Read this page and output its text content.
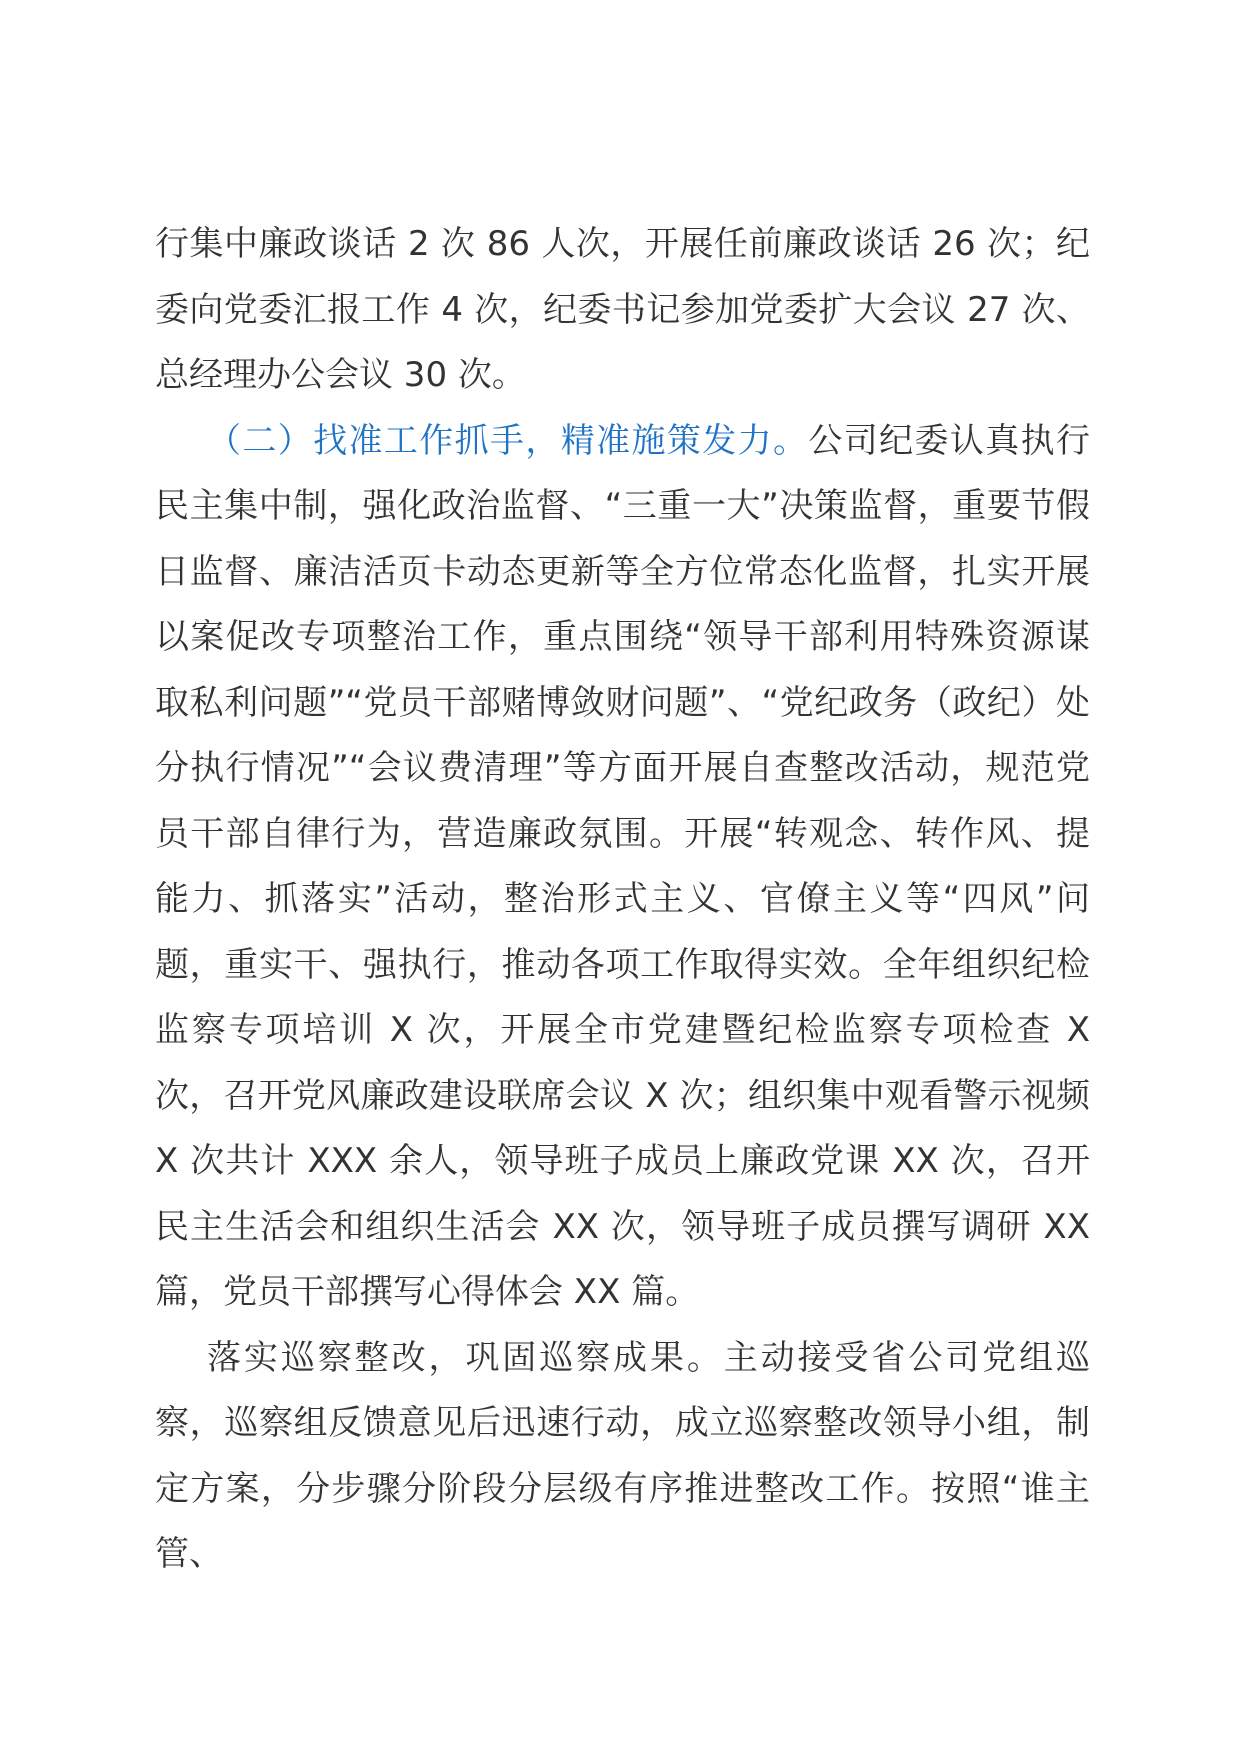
行集中廉政谈话 2 次 86 人次，开展任前廉政谈话 26 次；纪委向党委汇报工作 4 次，纪委书记参加党委扩大会议 27 次、总经理办公会议 30 次。

（二）找准工作抓手，精准施策发力。公司纪委认真执行民主集中制，强化政治监督、“三重一大”决策监督，重要节假日监督、廉洁活页卡动态更新等全方位常态化监督，扎实开展以案促改专项整治工作，重点围绕“领导干部利用特殊资源谋取私利问题”“党员干部赌博敛财问题”、“党纪政务（政纪）处分执行情况”“会议费清理”等方面开展自查整改活动，规范党员干部自律行为，营造廉政氛围。开展“转观念、转作风、提能力、抓落实”活动，整治形式主义、官僚主义等“四风”问题，重实干、强执行，推动各项工作取得实效。全年组织纪检监察专项培训 X 次，开展全市党建暨纪检监察专项检查 X 次，召开党风廉政建设联席会议 X 次；组织集中观看警示视频 X 次共计 XXX 余人，领导班子成员上廉政党课 XX 次，召开民主生活会和组织生活会 XX 次，领导班子成员撰写调研 XX 篇，党员干部撰写心得体会 XX 篇。

落实巡察整改，巩固巡察成果。主动接受省公司党组巡察，巡察组反馈意见后迅速行动，成立巡察整改领导小组，制定方案，分步骤分阶段分层级有序推进整改工作。按照“谁主管、
